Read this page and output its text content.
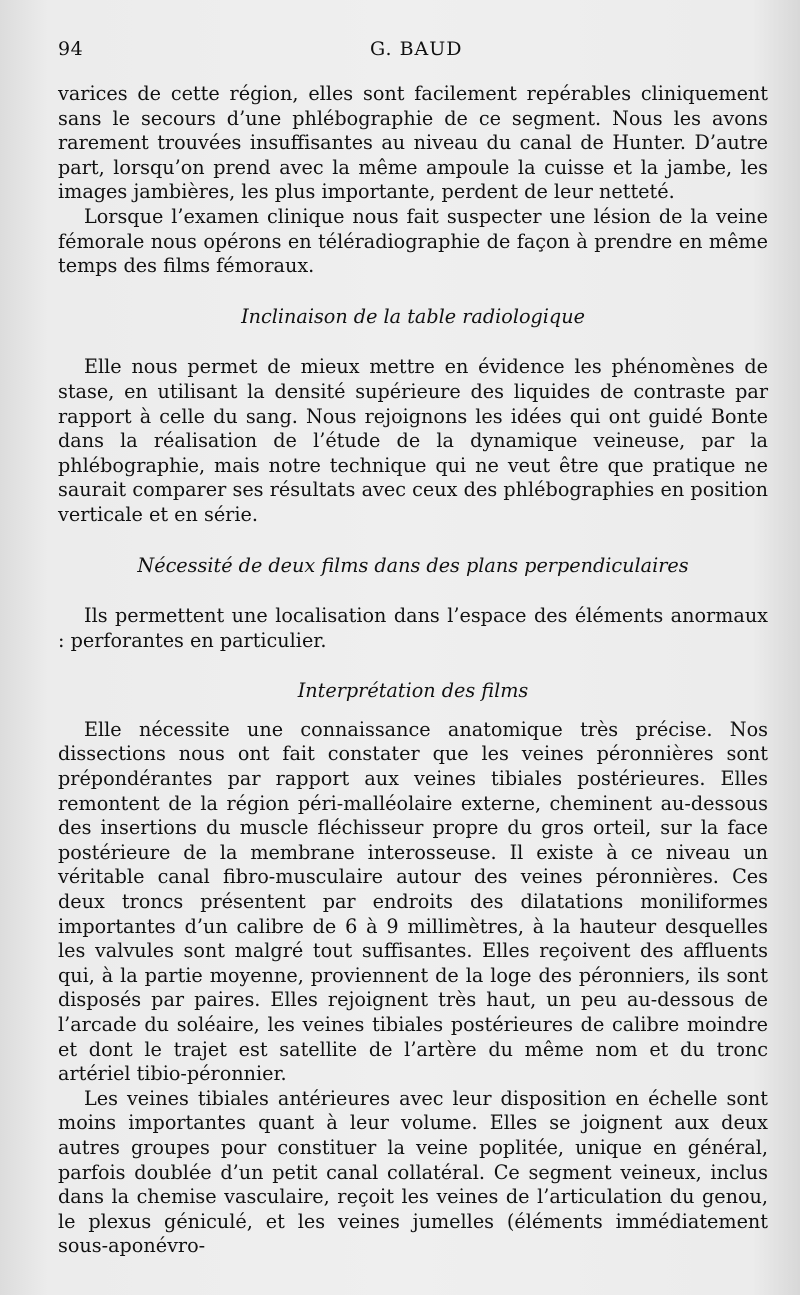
94	G. BAUD

varices de cette région, elles sont facilement repérables cliniquement sans le secours d’une phlébographie de ce segment. Nous les avons rarement trouvées insuffisantes au niveau du canal de Hunter. D’autre part, lorsqu’on prend avec la même ampoule la cuisse et la jambe, les images jambières, les plus importante, perdent de leur netteté.

Lorsque l’examen clinique nous fait suspecter une lésion de la veine fémorale nous opérons en téléradiographie de façon à prendre en même temps des films fémoraux.

Inclinaison de la table radiologique

Elle nous permet de mieux mettre en évidence les phénomènes de stase, en utilisant la densité supérieure des liquides de contraste par rapport à celle du sang. Nous rejoignons les idées qui ont guidé Bonte dans la réalisation de l’étude de la dynamique veineuse, par la phlébographie, mais notre technique qui ne veut être que pratique ne saurait comparer ses résultats avec ceux des phlébographies en position verticale et en série.

Nécessité de deux films dans des plans perpendiculaires

Ils permettent une localisation dans l’espace des éléments anormaux : perforantes en particulier.

Interprétation des films

Elle nécessite une connaissance anatomique très précise. Nos dissections nous ont fait constater que les veines péronnières sont prépondérantes par rapport aux veines tibiales postérieures. Elles remontent de la région péri-malléolaire externe, cheminent au-dessous des insertions du muscle fléchisseur propre du gros orteil, sur la face postérieure de la membrane interosseuse. Il existe à ce niveau un véritable canal fibro-musculaire autour des veines péronnières. Ces deux troncs présentent par endroits des dilatations moniliformes importantes d’un calibre de 6 à 9 millimètres, à la hauteur desquelles les valvules sont malgré tout suffisantes. Elles reçoivent des affluents qui, à la partie moyenne, proviennent de la loge des péronniers, ils sont disposés par paires. Elles rejoignent très haut, un peu au-dessous de l’arcade du soléaire, les veines tibiales postérieures de calibre moindre et dont le trajet est satellite de l’artère du même nom et du tronc artériel tibio-péronnier.

Les veines tibiales antérieures avec leur disposition en échelle sont moins importantes quant à leur volume. Elles se joignent aux deux autres groupes pour constituer la veine poplitée, unique en général, parfois doublée d’un petit canal collatéral. Ce segment veineux, inclus dans la chemise vasculaire, reçoit les veines de l’articulation du genou, le plexus géniculé, et les veines jumelles (éléments immédiatement sous-aponévro-
